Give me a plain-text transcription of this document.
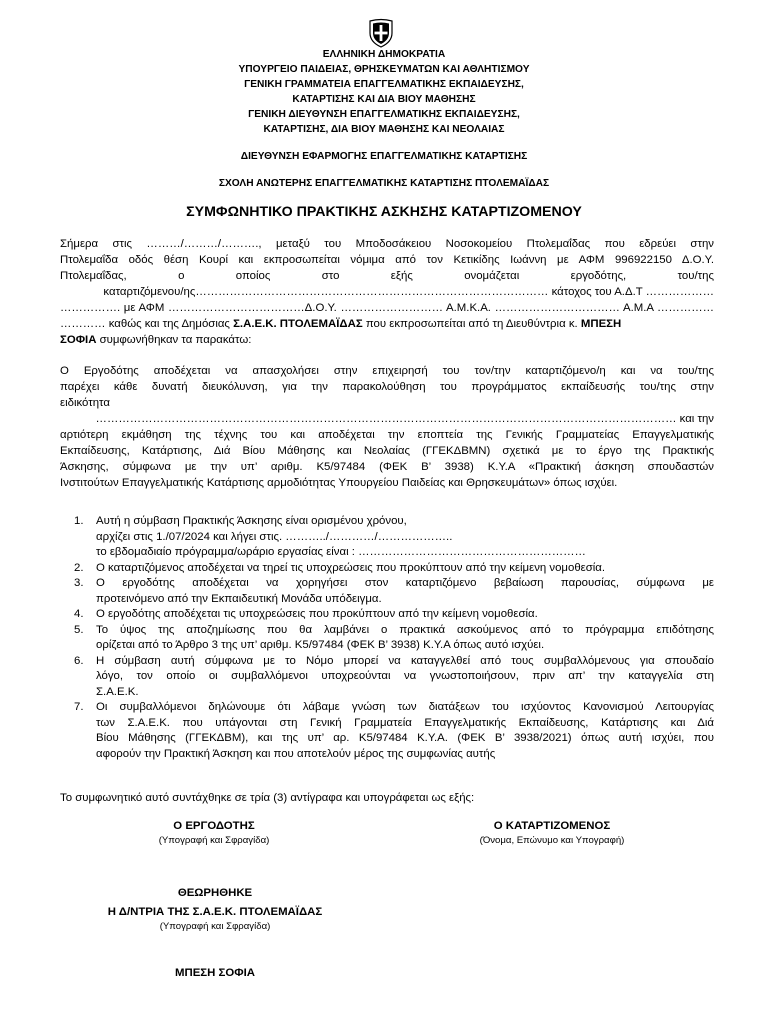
ΕΛΛΗΝΙΚΗ ΔΗΜΟΚΡΑΤΙΑ
ΥΠΟΥΡΓΕΙΟ ΠΑΙΔΕΙΑΣ, ΘΡΗΣΚΕΥΜΑΤΩΝ ΚΑΙ ΑΘΛΗΤΙΣΜΟΥ
ΓΕΝΙΚΗ ΓΡΑΜΜΑΤΕΙΑ ΕΠΑΓΓΕΛΜΑΤΙΚΗΣ ΕΚΠΑΙΔΕΥΣΗΣ,
ΚΑΤΑΡΤΙΣΗΣ ΚΑΙ ΔΙΑ ΒΙΟΥ ΜΑΘΗΣΗΣ
ΓΕΝΙΚΗ ΔΙΕΥΘΥΝΣΗ ΕΠΑΓΓΕΛΜΑΤΙΚΗΣ ΕΚΠΑΙΔΕΥΣΗΣ,
ΚΑΤΑΡΤΙΣΗΣ, ΔΙΑ ΒΙΟΥ ΜΑΘΗΣΗΣ ΚΑΙ ΝΕΟΛΑΙΑΣ
ΔΙΕΥΘΥΝΣΗ ΕΦΑΡΜΟΓΗΣ ΕΠΑΓΓΕΛΜΑΤΙΚΗΣ ΚΑΤΑΡΤΙΣΗΣ
ΣΧΟΛΗ ΑΝΩΤΕΡΗΣ ΕΠΑΓΓΕΛΜΑΤΙΚΗΣ ΚΑΤΑΡΤΙΣΗΣ ΠΤΟΛΕΜΑΪΔΑΣ
ΣΥΜΦΩΝΗΤΙΚΟ ΠΡΑΚΤΙΚΗΣ ΑΣΚΗΣΗΣ ΚΑΤΑΡΤΙΖΟΜΕΝΟΥ
Σήμερα στις ………/………/………., μεταξύ του Μποδοσάκειου Νοσοκομείου Πτολεμαΐδας που εδρεύει στην
Πτολεμαΐδα οδός θέση Κουρί και εκπροσωπείται νόμιμα από τον Κετικίδης Ιωάννη με ΑΦΜ 996922150 Δ.Ο.Υ.
Πτολεμαΐδας, ο οποίος στο εξής ονομάζεται εργοδότης, του/της
καταρτιζόμενου/ης………………………………………………………………………………… κάτοχος του Α.Δ.Τ ………………
……………. με ΑΦΜ ………………………………Δ.Ο.Υ. ……………………… Α.Μ.Κ.Α. …………………………… Α.Μ.Α ……………
………… καθώς και της Δημόσιας Σ.Α.Ε.Κ. ΠΤΟΛΕΜΑΪΔΑΣ που εκπροσωπείται από τη Διευθύντρια κ. ΜΠΕΣΗ
ΣΟΦΙΑ συμφωνήθηκαν τα παρακάτω:
Ο Εργοδότης αποδέχεται να απασχολήσει στην επιχειρησή του τον/την καταρτιζόμενο/η και να του/της
παρέχει κάθε δυνατή διευκόλυνση, για την παρακολούθηση του προγράμματος εκπαίδευσής του/της στην
ειδικότητα
……………………………………………………………………………………………………………………………………… και την
αρτιότερη εκμάθηση της τέχνης του και αποδέχεται την εποπτεία της Γενικής Γραμματείας Επαγγελματικής
Εκπαίδευσης, Κατάρτισης, Διά Βίου Μάθησης και Νεολαίας (ΓΓΕΚΔΒΜΝ) σχετικά με το έργο της Πρακτικής
Άσκησης, σύμφωνα με την υπ’ αριθμ. Κ5/97484 (ΦΕΚ Β’ 3938) Κ.Υ.Α «Πρακτική άσκηση σπουδαστών
Ινστιτούτων Επαγγελματικής Κατάρτισης αρμοδιότητας Υπουργείου Παιδείας και Θρησκευμάτων» όπως ισχύει.
1. Αυτή η σύμβαση Πρακτικής Άσκησης είναι ορισμένου χρόνου,
αρχίζει στις 1./07/2024 και λήγει στις. ………../…………/………………..
το εβδομαδιαίο πρόγραμμα/ωράριο εργασίας είναι : ……………………………………………………
2. Ο καταρτιζόμενος αποδέχεται να τηρεί τις υποχρεώσεις που προκύπτουν από την κείμενη νομοθεσία.
3. Ο εργοδότης αποδέχεται να χορηγήσει στον καταρτιζόμενο βεβαίωση παρουσίας, σύμφωνα με
προτεινόμενο από την Εκπαιδευτική Μονάδα υπόδειγμα.
4. Ο εργοδότης αποδέχεται τις υποχρεώσεις που προκύπτουν από την κείμενη νομοθεσία.
5. Το ύψος της αποζημίωσης που θα λαμβάνει ο πρακτικά ασκούμενος από το πρόγραμμα επιδότησης
ορίζεται από το Άρθρο 3 της υπ’ αριθμ. Κ5/97484 (ΦΕΚ Β’ 3938) Κ.Υ.Α όπως αυτό ισχύει.
6. Η σύμβαση αυτή σύμφωνα με το Νόμο μπορεί να καταγγελθεί από τους συμβαλλόμενους για σπουδαίο
λόγο, τον οποίο οι συμβαλλόμενοι υποχρεούνται να γνωστοποιήσουν, πριν απ’ την καταγγελία στη
Σ.Α.Ε.Κ.
7. Οι συμβαλλόμενοι δηλώνουμε ότι λάβαμε γνώση των διατάξεων του ισχύοντος Κανονισμού Λειτουργίας
των Σ.Α.Ε.Κ. που υπάγονται στη Γενική Γραμματεία Επαγγελματικής Εκπαίδευσης, Κατάρτισης και Διά
Βίου Μάθησης (ΓΓΕΚΔΒΜ), και της υπ’ αρ. Κ5/97484 Κ.Υ.Α. (ΦΕΚ Β’ 3938/2021) όπως αυτή ισχύει, που
αφορούν την Πρακτική Άσκηση και που αποτελούν μέρος της συμφωνίας αυτής
Το συμφωνητικό αυτό συντάχθηκε σε τρία (3) αντίγραφα και υπογράφεται ως εξής:
Ο ΕΡΓΟΔΟΤΗΣ
(Υπογραφή και Σφραγίδα)
Ο ΚΑΤΑΡΤΙΖΟΜΕΝΟΣ
(Όνομα, Επώνυμο και Υπογραφή)
ΘΕΩΡΗΘΗΚΕ
Η Δ/ΝΤΡΙΑ ΤΗΣ Σ.Α.Ε.Κ. ΠΤΟΛΕΜΑΪΔΑΣ
(Υπογραφή και Σφραγίδα)
ΜΠΕΣΗ ΣΟΦΙΑ
